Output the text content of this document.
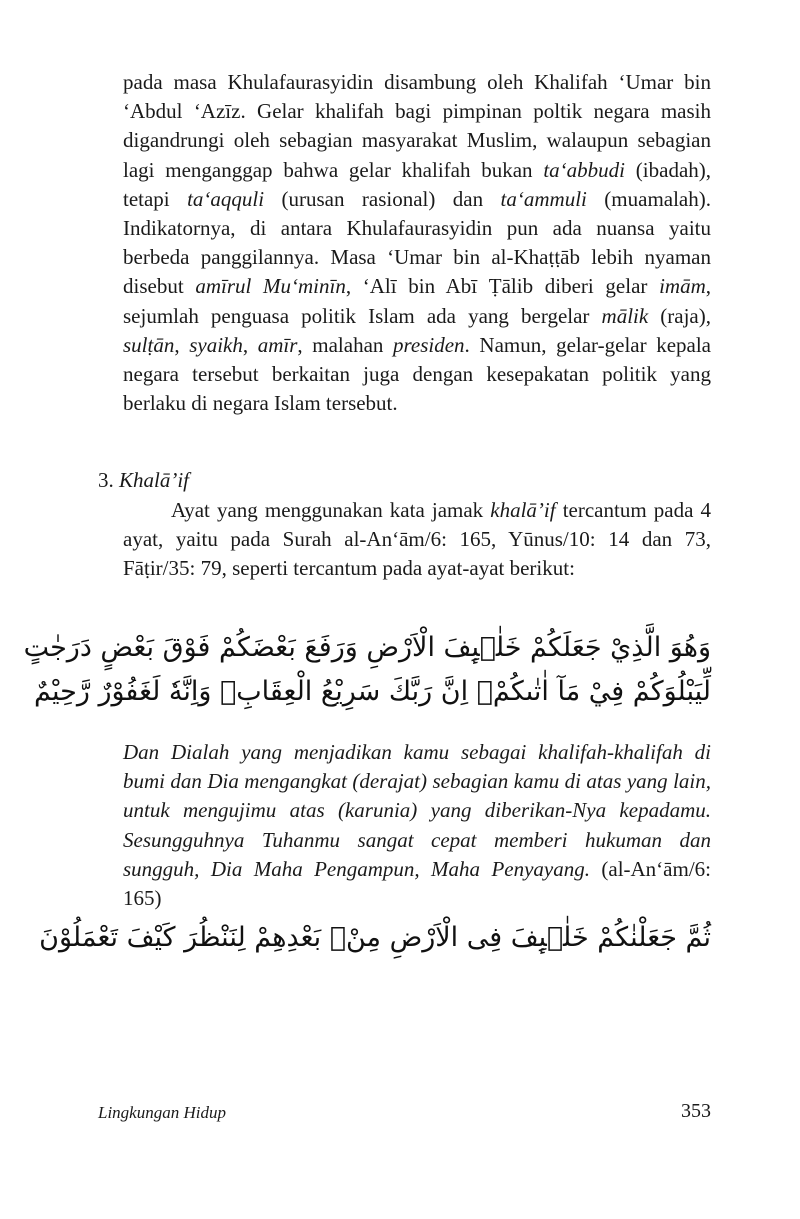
pada masa Khulafaurasyidin disambung oleh Khalifah ‘Umar bin ‘Abdul ‘Azīz. Gelar khalifah bagi pimpinan poltik negara masih digandrungi oleh sebagian masyarakat Muslim, walaupun sebagian lagi menganggap bahwa gelar khalifah bukan ta‘abbudi (ibadah), tetapi ta‘aqquli (urusan rasional) dan ta‘ammuli (muamalah). Indikatornya, di antara Khulafaurasyidin pun ada nuansa yaitu berbeda panggilannya. Masa ‘Umar bin al-Khaṭṭāb lebih nyaman disebut amīrul Mu‘minīn, ‘Alī bin Abī Ṭālib diberi gelar imām, sejumlah penguasa politik Islam ada yang bergelar mālik (raja), sulṭān, syaikh, amīr, malahan presiden. Namun, gelar-gelar kepala negara tersebut berkaitan juga dengan kesepakatan politik yang berlaku di negara Islam tersebut.

3. Khalā’if

Ayat yang menggunakan kata jamak khalā’if tercantum pada 4 ayat, yaitu pada Surah al-An‘ām/6: 165, Yūnus/10: 14 dan 73, Fāṭir/35: 79, seperti tercantum pada ayat-ayat berikut:

وَهُوَ الَّذِيْ جَعَلَكُمْ خَلٰۤىِٕفَ الْاَرْضِ وَرَفَعَ بَعْضَكُمْ فَوْقَ بَعْضٍ دَرَجٰتٍ

لِّيَبْلُوَكُمْ فِيْ مَآ اٰتٰىكُمْۗ اِنَّ رَبَّكَ سَرِيْعُ الْعِقَابِۖ وَاِنَّهٗ لَغَفُوْرٌ رَّحِيْمٌ

Dan Dialah yang menjadikan kamu sebagai khalifah-khalifah di bumi dan Dia mengangkat (derajat) sebagian kamu di atas yang lain, untuk mengujimu atas (karunia) yang diberikan-Nya kepadamu. Sesungguhnya Tuhanmu sangat cepat memberi hukuman dan sungguh, Dia Maha Pengampun, Maha Penyayang. (al-An‘ām/6: 165)

ثُمَّ جَعَلْنٰكُمْ خَلٰۤىِٕفَ فِى الْاَرْضِ مِنْۢ بَعْدِهِمْ لِنَنْظُرَ كَيْفَ تَعْمَلُوْنَ

Lingkungan Hidup	353
